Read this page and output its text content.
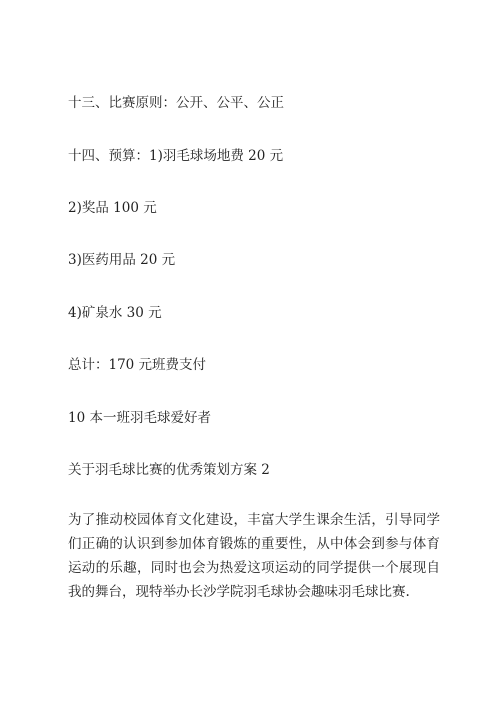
十三、比赛原则：公开、公平、公正
十四、预算：1)羽毛球场地费 20 元
2)奖品 100 元
3)医药用品 20 元
4)矿泉水 30 元
总计：170 元班费支付
10 本一班羽毛球爱好者
关于羽毛球比赛的优秀策划方案 2
为了推动校园体育文化建设，丰富大学生课余生活，引导同学们正确的认识到参加体育锻炼的重要性，从中体会到参与体育运动的乐趣，同时也会为热爱这项运动的同学提供一个展现自我的舞台，现特举办长沙学院羽毛球协会趣味羽毛球比赛.
